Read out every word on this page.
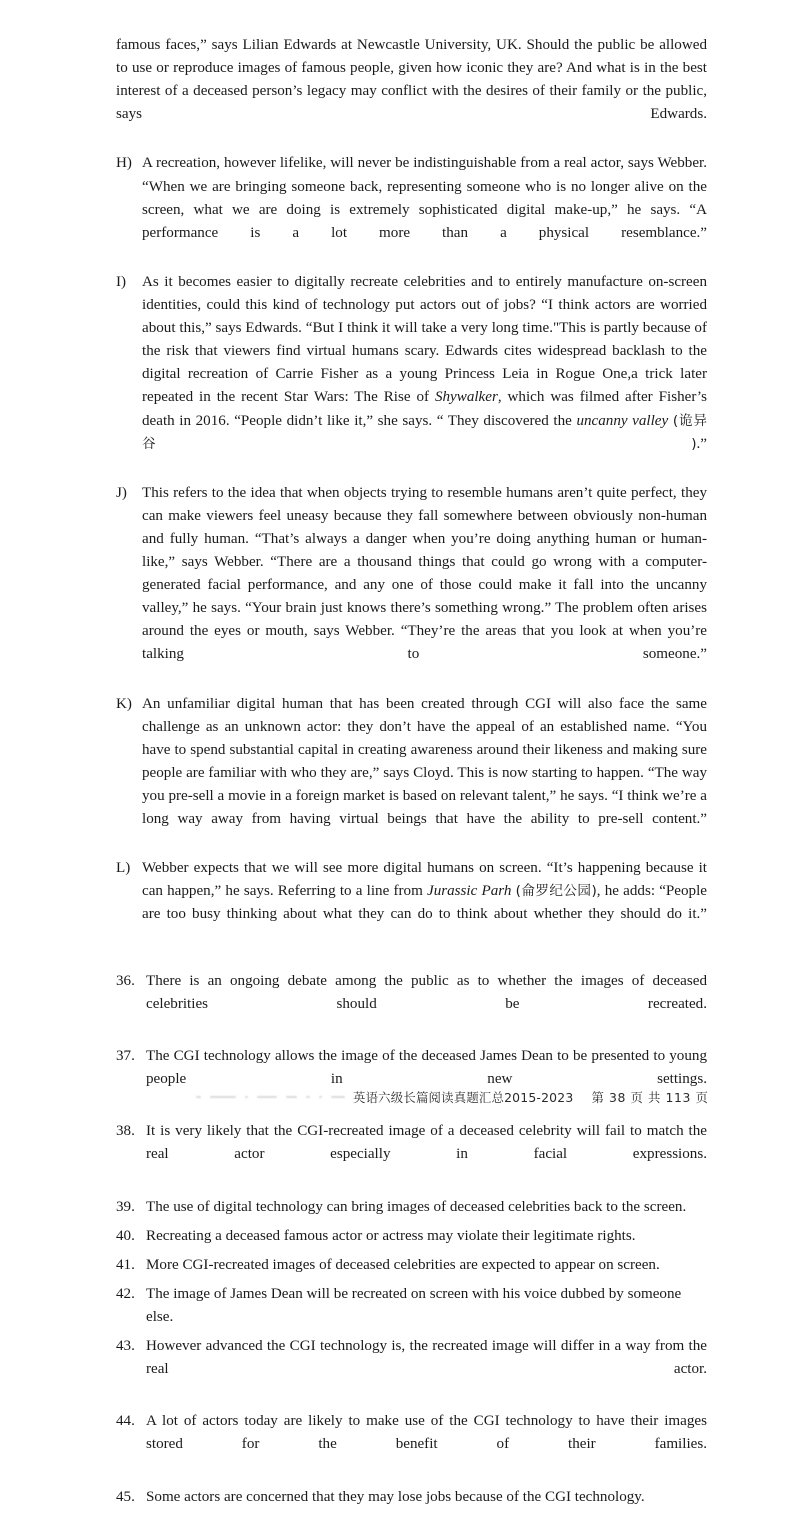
famous faces,” says Lilian Edwards at Newcastle University, UK. Should the public be allowed to use or reproduce images of famous people, given how iconic they are? And what is in the best interest of a deceased person’s legacy may conflict with the desires of their family or the public, says Edwards.

H) A recreation, however lifelike, will never be indistinguishable from a real actor, says Webber. “When we are bringing someone back, representing someone who is no longer alive on the screen, what we are doing is extremely sophisticated digital make-up,” he says. “A performance is a lot more than a physical resemblance.”
I)	As it becomes easier to digitally recreate celebrities and to entirely manufacture on-screen identities, could this kind of technology put actors out of jobs? “I think actors are worried about this,” says Edwards. “But I think it will take a very long time."This is partly because of the risk that viewers find virtual humans scary. Edwards cites widespread backlash to the digital recreation of Carrie Fisher as a young Princess Leia in Rogue One,a trick later repeated in the recent Star Wars: The Rise of Shywalker, which was filmed after Fisher’s death in 2016. “People didn’t like it,” she says. “ They discovered the uncanny valley (诡异谷).”
J) This refers to the idea that when objects trying to resemble humans aren’t quite perfect, they can make viewers feel uneasy because they fall somewhere between obviously non-human and fully human. “That’s always a danger when you’re doing anything human or human-like,” says Webber. “There are a thousand things that could go wrong with a computer-generated facial performance, and any one of those could make it fall into the uncanny valley,” he says. “Your brain just knows there’s something wrong.” The problem often arises around the eyes or mouth, says Webber. “They’re the areas that you look at when you’re talking to someone.”
K) An unfamiliar digital human that has been created through CGI will also face the same challenge as an unknown actor: they don’t have the appeal of an established name. “You have to spend substantial capital in creating awareness around their likeness and making sure people are familiar with who they are,” says Cloyd. This is now starting to happen. “The way you pre-sell a movie in a foreign market is based on relevant talent,” he says. “I think we’re a long way away from having virtual beings that have the ability to pre-sell content.”
L) Webber expects that we will see more digital humans on screen. “It’s happening because it can happen,” he says. Referring to a line from Jurassic Parh (侖罗纪公园), he adds: “People are too busy thinking about what they can do to think about whether they should do it.”
36. There is an ongoing debate among the public as to whether the images of deceased celebrities should be recreated.
37. The CGI technology allows the image of the deceased James Dean to be presented to young people in new settings.
38. It is very likely that the CGI-recreated image of a deceased celebrity will fail to match the real actor especially in facial expressions.
39. The use of digital technology can bring images of deceased celebrities back to the screen.
40. Recreating a deceased famous actor or actress may violate their legitimate rights.
41. More CGI-recreated images of deceased celebrities are expected to appear on screen.
42. The image of James Dean will be recreated on screen with his voice dubbed by someone else.
43. However advanced the CGI technology is, the recreated image will differ in a way from the real actor.
44. A lot of actors today are likely to make use of the CGI technology to have their images stored for the benefit of their families.
45. Some actors are concerned that they may lose jobs because of the CGI technology.
英语六级长篇阅读真题汇总2015-2023 第 38 页 共 113 页
